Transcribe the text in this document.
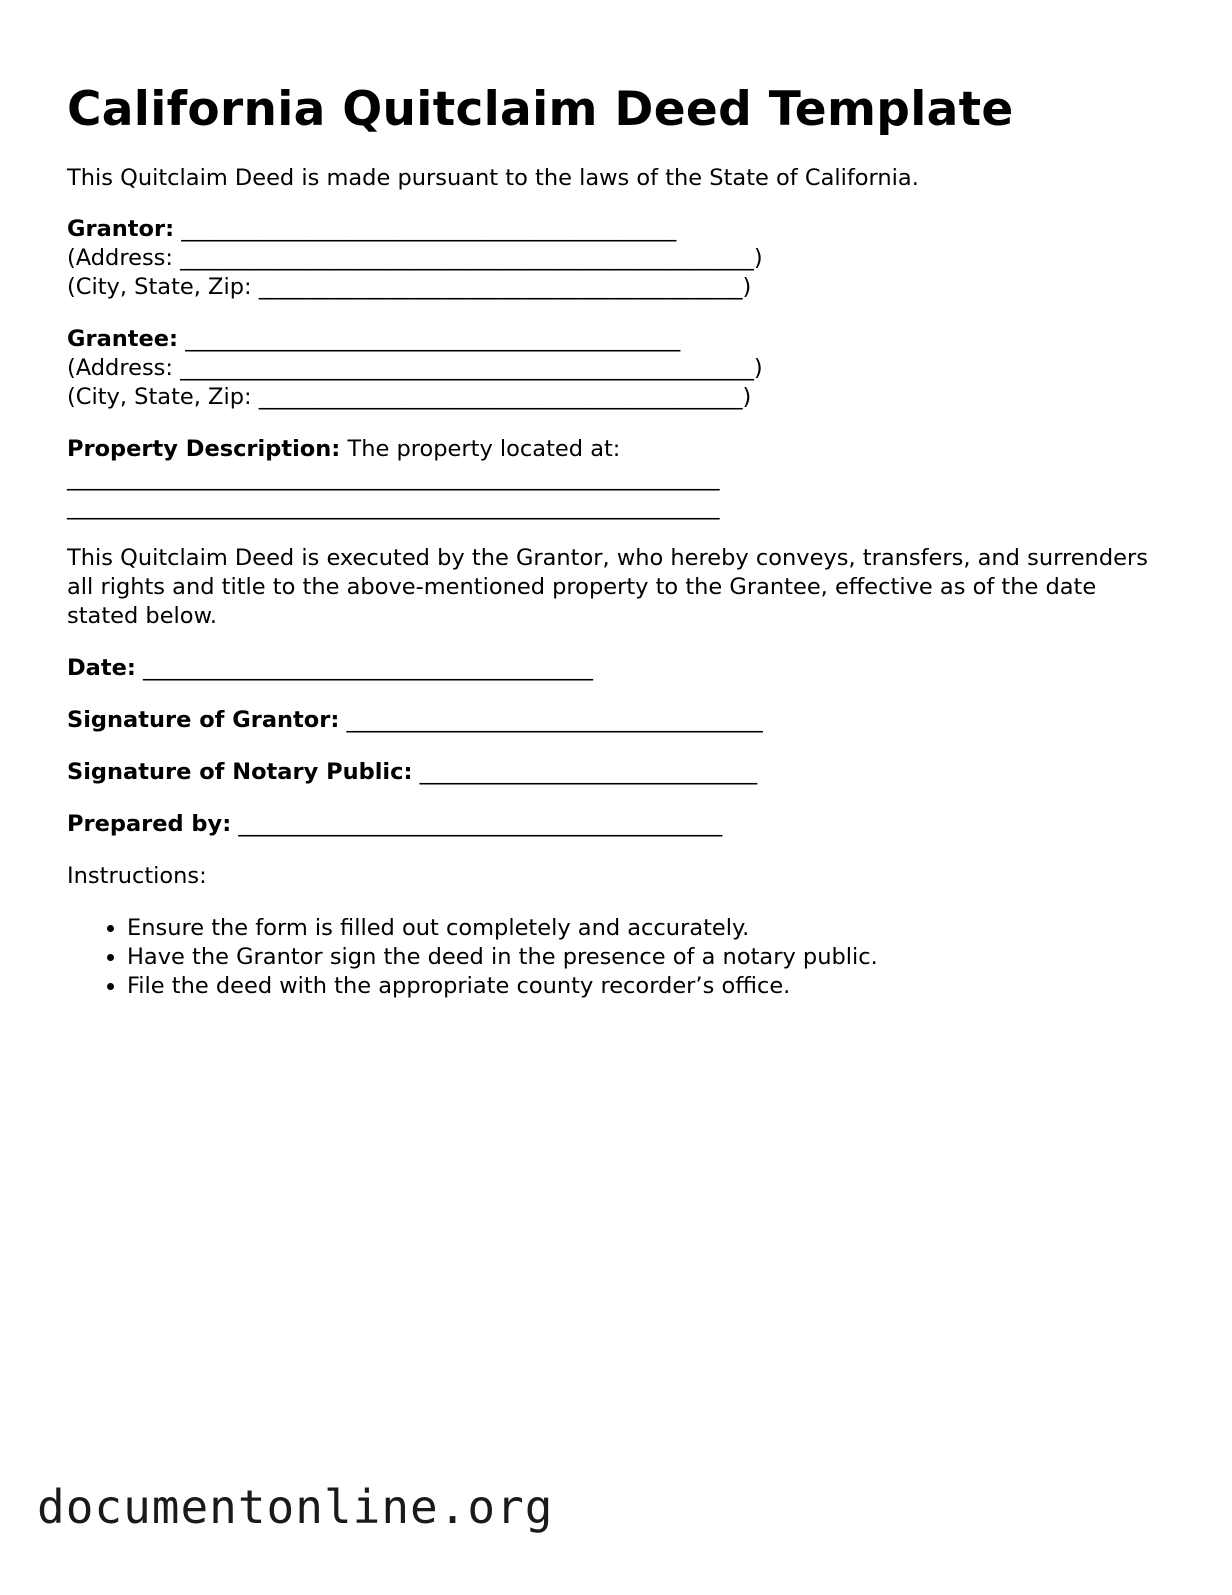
California Quitclaim Deed Template
This Quitclaim Deed is made pursuant to the laws of the State of California.
Grantor: ____________________________________________
(Address: ___________________________________________________)
(City, State, Zip: ___________________________________________)
Grantee: ____________________________________________
(Address: ___________________________________________________)
(City, State, Zip: ___________________________________________)
Property Description: The property located at:
__________________________________________________________
__________________________________________________________
This Quitclaim Deed is executed by the Grantor, who hereby conveys, transfers, and surrenders all rights and title to the above-mentioned property to the Grantee, effective as of the date stated below.
Date: ________________________________________
Signature of Grantor: _____________________________________
Signature of Notary Public: ______________________________
Prepared by: ___________________________________________
Instructions:
• Ensure the form is filled out completely and accurately.
• Have the Grantor sign the deed in the presence of a notary public.
• File the deed with the appropriate county recorder’s office.
documentonline.org
